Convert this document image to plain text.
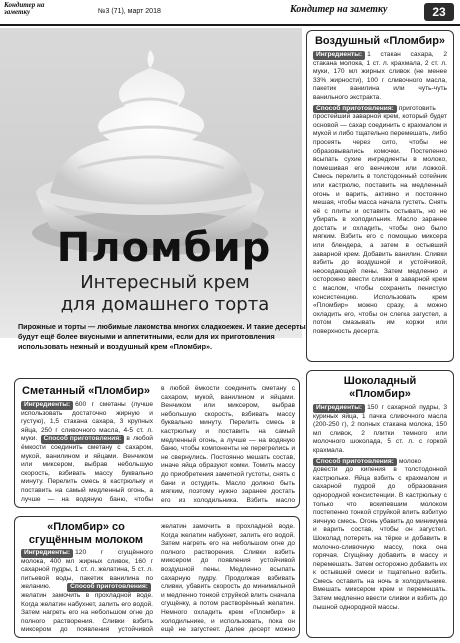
Кондитер на заметку	№3 (71), март 2018	Кондитер на заметку	23
Пломбир
Интересный крем
для домашнего торта
Пирожные и торты — любимые лакомства многих сладкоежек. И такие десерты будут ещё более вкусными и аппетитными, если для их приготовления использовать нежный и воздушный крем «Пломбир».
Воздушный «Пломбир»
Ингредиенты: 1 стакан сахара, 2 стакана молока, 1 ст. л. крахмала, 2 ст. л. муки, 170 мл жирных сливок (не менее 33% жирности), 100 г сливочного масла, пакетик ванилина или чуть-чуть ванильного экстракта.
Способ приготовления: приготовить простейший заварной крем, который будет основой — сахар соединить с крахмалом и мукой и либо тщательно перемешать, либо просеять через сито, чтобы не образовывались комочки. Постепенно всыпать сухие ингредиенты в молоко, помешивая его венчиком или ложкой. Смесь перелить в толстодонный сотейник или кастрюлю, поставить на медленный огонь и варить, активно и постоянно мешая, чтобы масса начала густеть. Снять её с плиты и оставить остывать, но не убирать в холодильник. Масло заранее достать и охладить, чтобы оно было мягким. Взбить его с помощью миксера или блендера, а затем в остывший заварной крем. Добавить ванилин. Сливки взбить до воздушной и устойчивой, неоседающей пены. Затем медленно и осторожно ввести сливки в заварной крем с маслом, чтобы сохранить пенистую консистенцию. Использовать крем «Пломбир» можно сразу, а можно охладить его, чтобы он слегка загустел, а потом смазывать им коржи или поверхность десерта.
Шоколадный «Пломбир»
Ингредиенты: 150 г сахарной пудры, 3 куриных яйца, 1 пачка сливочного масла (200-250 г), 2 полных стакана молока, 150 мл сливок, 2 плитки темного или молочного шоколада, 5 ст. л. с горкой крахмала.
Способ приготовления: молоко довести до кипения в толстодонной кастрюльке. Яйца взбить с крахмалом и сахарной пудрой до образования однородной консистенции. В кастрюльку с только что вскипевшим молоком постепенно тонкой струйкой влить взбитую яичную смесь. Огонь убавить до минимума и варить состав, чтобы он загустел. Шоколад потереть на тёрке и добавить в молочно-сливочную массу, пока она горячая. Сгущёнку добавить в массу и перемешать. Затем осторожно добавить их к остывшей смеси и тщательно взбить. Смесь оставить на ночь в холодильнике. Вмешать миксером крем и перемешать. Затем медленно ввести сливки и взбить до пышной однородной массы.
Сметанный «Пломбир»
Ингредиенты: 600 г сметаны (лучше использовать достаточно жирную и густую), 1,5 стакана сахара, 3 крупных яйца, 250 г сливочного масла, 4-5 ст. л. муки. Способ приготовления: в любой ёмкости соединить сметану с сахаром, мукой, ванилином и яйцами. Венчиком или миксером, выбрав небольшую скорость, взбивать массу буквально минуту. Перелить смесь в кастрюльку и поставить на самый медленный огонь, а лучше — на водяную баню, чтобы
в любой ёмкости соединить сметану с сахаром, мукой, ванилином и яйцами. Венчиком или миксером, выбрав небольшую скорость, взбивать массу буквально минуту. Перелить смесь в кастрюльку и поставить на самый медленный огонь, а лучше — на водяную баню, чтобы компоненты не перегрелись и не свернулись. Постоянно мешать состав, иначе яйца образуют комки. Томить массу до приобретения заметной густоты, снять с бани и остудить. Масло должно быть мягким, поэтому нужно заранее достать его из холодильника. Взбить масло
«Пломбир» со сгущённым молоком
Ингредиенты: 120 г сгущённого молока, 400 мл жирных сливок, 160 г сахарной пудры, 1 ст. л. желатина, 5 ст. л. питьевой воды, пакетик ванилина по желанию.	Способ приготовления:желатин замочить в прохладной воде. Когда желатин набухнет, залить его водой. Затем нагреть его на небольшом огне до полного растворения. Сливки взбить миксером до появления устойчивой
желатин замочить в прохладной воде. Когда желатин набухнет, залить его водой. Затем нагреть его на небольшом огне до полного растворения. Сливки взбить миксером до появления устойчивой воздушной пены. Медленно всыпать сахарную пудру. Продолжая взбивать сливки, убавить скорость до минимальной и медленно тонкой струйкой влить сначала сгущёнку, а потом растворённый желатин. Немного охладить крем «Пломбир» в холодильнике, и использовать, пока он ещё не загустеет. Далее десерт можно
